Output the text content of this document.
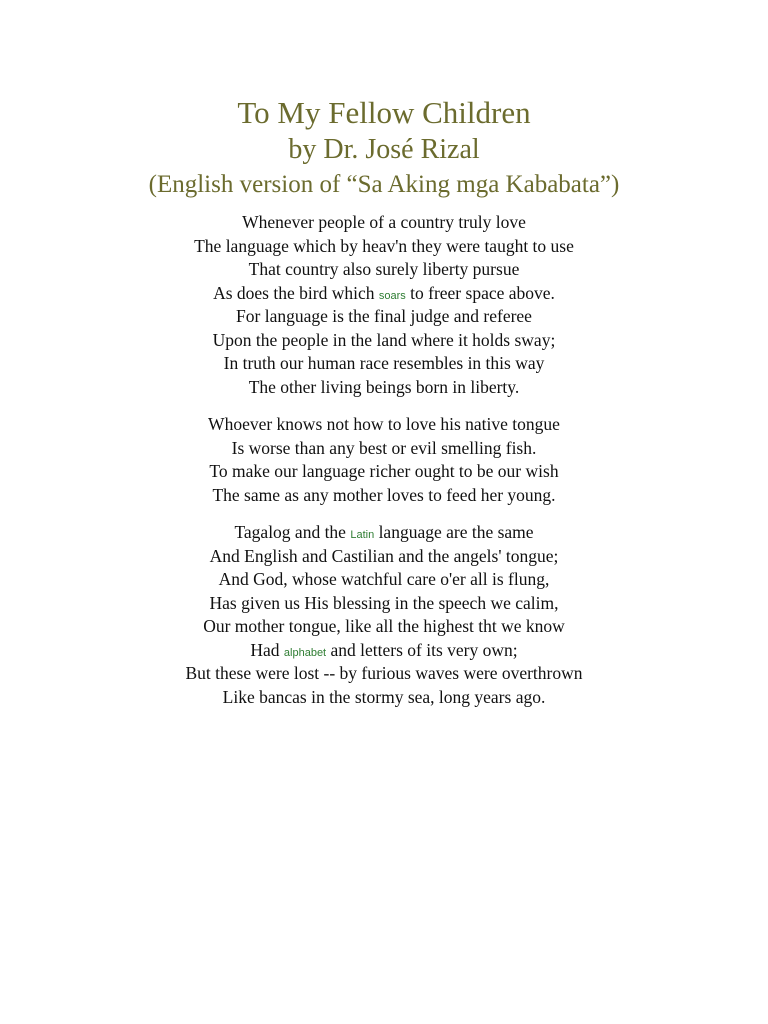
To My Fellow Children
by Dr. José Rizal
(English version of “Sa Aking mga Kababata”)
Whenever people of a country truly love
The language which by heav'n they were taught to use
That country also surely liberty pursue
As does the bird which soars to freer space above.
For language is the final judge and referee
Upon the people in the land where it holds sway;
In truth our human race resembles in this way
The other living beings born in liberty.
Whoever knows not how to love his native tongue
Is worse than any best or evil smelling fish.
To make our language richer ought to be our wish
The same as any mother loves to feed her young.
Tagalog and the Latin language are the same
And English and Castilian and the angels' tongue;
And God, whose watchful care o'er all is flung,
Has given us His blessing in the speech we calim,
Our mother tongue, like all the highest tht we know
Had alphabet and letters of its very own;
But these were lost -- by furious waves were overthrown
Like bancas in the stormy sea, long years ago.
